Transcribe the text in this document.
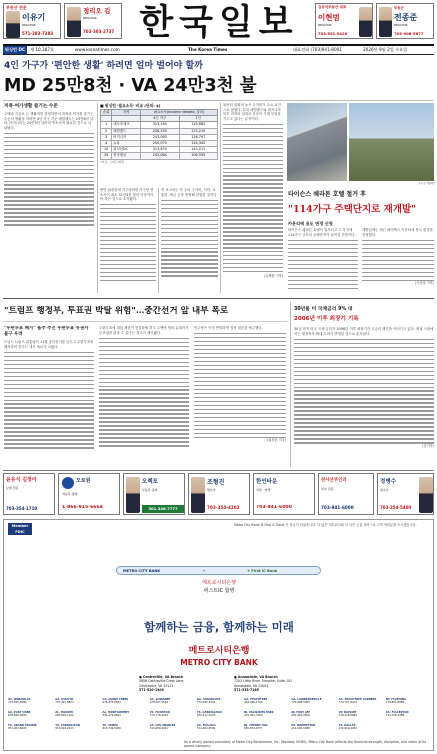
부동산 전문
이유기
REALTOR
571-283-7383
정리오 김
REALTOR
703-303-2737 한국일보	김중석부동산 대표
이현범
REALTOR
703.851.9426
부동산
전종준
REALTOR
703-906-5677
워싱턴 DC	제 10,387호	www.koreatimes.com	The Korea Times	대표전화 (703)941-8001	2026년 9월 2일 수요일
4인 가구가 '편안한 생활' 하려면 얼마 벌어야 할까
MD 25만8천 · VA 24만3천 불
저축·여가생활 즐기는 수준

주택과 식음료 등 생활비를 충당하면서 저축과 여가를 즐기는 수준의 생활을 하려면 4인 가구 기준 메릴랜드는 25만8천 달러, 버지니아는 24만3천 달러의 연소득이 필요한 것으로 나타났다.

■ 워싱턴 '필요소득' 비교 (단위: $)
순위	지역	필요소득(Income needed, 달러)	
		4인 가구	1인
1	매사추세츠	313,165	129,882
2	메릴랜드	258,250	123,219
3	버지니아	243,080	126,797
4	뉴욕	250,070	124,342
10	워싱턴DC	313,870	143,011
35	전국평균	242,064	106,555
*자료: 스마트애셋

반면 워싱턴에 거주하려면 가구당 연소득이 최소 31만3천 달러 이상이어야 하는 것으로 조사됐다.

이 보고서는 각 주의 주거비, 식비, 교통비, 세금 등을 반영해 산출한 것이다.

워싱턴 일원의 높은 주거비가 주요 요인으로 꼽혔다. 특히 메릴랜드와 버지니아 북부 지역의 임대료 상승이 가계 부담을 키우고 있다는 분석이다.

(유제원 기자)
(구글 캡쳐)
타이슨스 쉐라톤 호텔 철거 후
"114가구 주택단지로 재개발"
카운티에 용도 변경 신청

타이슨스 쉐라톤 호텔이 철거되고 그 부지에 114가구 규모의 주택단지가 들어설 전망이다.

개발업체는 최근 페어팩스 카운티에 용도 변경을 신청했다.

(이창열 기자)
"트럼프 행정부, 투표권 박탈 위험"…중간선거 앞 내부 폭로
"우편투표 폐지" 흘추 추진 우편투표 유권자 불구 우려

도널드 트럼프 대통령이 11월 중간선거를 앞두고 우편투표를 폐지하려 한다는 내부 폭로가 나왔다.

우편투표에 대한 제한이 현실화될 경우 수백만 명의 유권자가 투표권을 잃을 수 있다는 경고가 제기됐다.

민주당은 즉각 반발하며 법적 대응을 예고했다.

(워싱턴 지국)
30년물 미 국채금리 9% 대
2006년 이후 최장기 기록

30년 만기 미국 국채 금리가 2006년 이후 최장기간 고금리 행진을 이어가고 있다. 채권 시장에서는 재정적자 확대 우려가 반영된 것으로 분석된다.

(김기자)
윤유식 김정아
보험 전문
703-354-1710
오토원
자동차 판매
1-866-915-6664
오렉포
부동산 중개
301.346.7777
조형진
변호사
703-354-4202
한인타운
식당 · 마켓
703-941-6000
천사산부인과
여성 전문
703-941-6000
정병수
변호사
703-354-5400
Member
FDIC
Metro City Bank 와 First IC Bank 가 하나가 되었습니다. 더 넓은 네트워크와 더 나은 금융 서비스로 고객 여러분을 모시겠습니다.
METRO CITY BANK	→	+ First IC Bank
메트로시티은행
퍼스트IC 합병
함께하는 금융, 함께하는 미래
메트로시티은행
METRO CITY BANK
● Centreville, VA Branch
5856 Centreville Crest Lane,
Centreville, VA 20121
571-520-1900
● Annandale, VA Branch
7202 Little River Turnpike, Suite 101
Annandale, VA 22003
571-535-7165
GA. DORAVILLE
770-455-4989
GA. DULUTH
770-497-8833
GA. JOHNS CREEK
678-474-8833
GA. SUWANEE
678-207-5544
GA. SUGARLOAF
770-495-3344
GA. PEACHTREE
404-260-1700
GA. LAWRENCEVILLE
770-638-1900
GA. PEACHTREE CORNERS
770-727-6474
NY. FLUSHING
718-661-8889
GA. EAST COBB
678-466-1880
AL. HOOVER
205-839-1100
AL. MONTGOMERY
334-279-8843
TX. HOUSTON
713-776-4433
TX. CARROLLTON
972-417-1970
NJ. PALISADES PARK
201-461-7200
NJ. FORT LEE
201-947-0300
NY. BAYSIDE
718-224-8883
CA. FULLERTON
714-738-4988
TX. GRAND PRAIRIE
972-903-6900
TX. CARROLLTON
972-919-2223
TX. TAMPA
813-749-5000
CA. LOS ANGELES
213-459-4441
CA. Fullerton
714-462-8500
NJ. CHERRY HILL
856-874-0777
NY. MANHATTAN
212-691-1088
TX. DALLAS
972-919-2222
As a wholly owned subsidiary of Metro City Bankshares, Inc. (Nasdaq: MCBS), Metro City Bank reflects the financial strength, discipline, and vision of its parent company.
